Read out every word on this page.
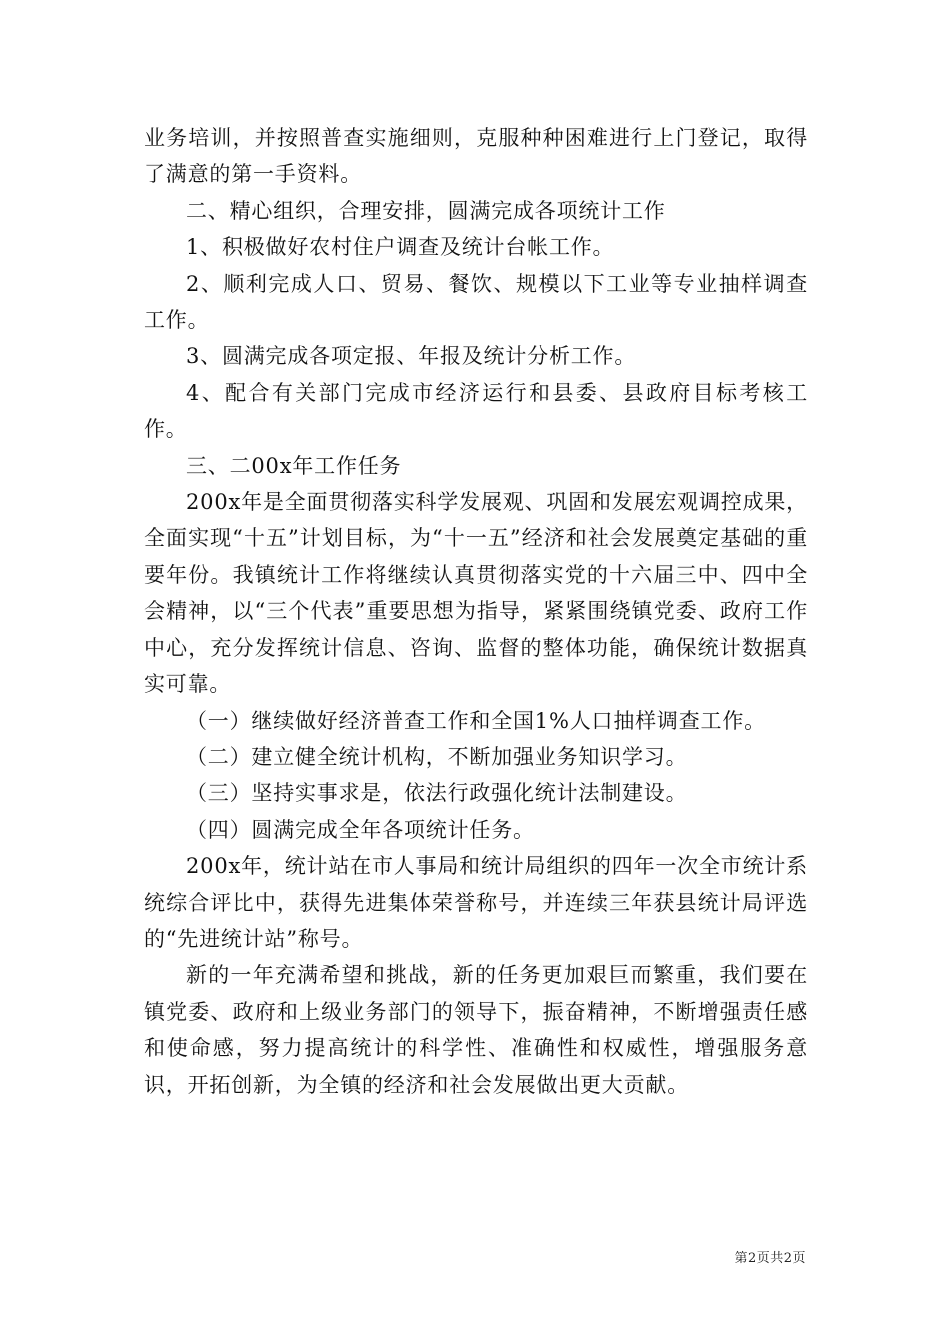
业务培训，并按照普查实施细则，克服种种困难进行上门登记，取得了满意的第一手资料。

二、精心组织，合理安排，圆满完成各项统计工作

1、积极做好农村住户调查及统计台帐工作。

2、顺利完成人口、贸易、餐饮、规模以下工业等专业抽样调查工作。

3、圆满完成各项定报、年报及统计分析工作。

4、配合有关部门完成市经济运行和县委、县政府目标考核工作。

三、二00x年工作任务

200x年是全面贯彻落实科学发展观、巩固和发展宏观调控成果，全面实现“十五”计划目标，为“十一五”经济和社会发展奠定基础的重要年份。我镇统计工作将继续认真贯彻落实党的十六届三中、四中全会精神，以“三个代表”重要思想为指导，紧紧围绕镇党委、政府工作中心，充分发挥统计信息、咨询、监督的整体功能，确保统计数据真实可靠。

（一）继续做好经济普查工作和全国1%人口抽样调查工作。

（二）建立健全统计机构，不断加强业务知识学习。

（三）坚持实事求是，依法行政强化统计法制建设。

（四）圆满完成全年各项统计任务。

200x年，统计站在市人事局和统计局组织的四年一次全市统计系统综合评比中，获得先进集体荣誉称号，并连续三年获县统计局评选的“先进统计站”称号。

新的一年充满希望和挑战，新的任务更加艰巨而繁重，我们要在镇党委、政府和上级业务部门的领导下，振奋精神，不断增强责任感和使命感，努力提高统计的科学性、准确性和权威性，增强服务意识，开拓创新，为全镇的经济和社会发展做出更大贡献。

第2页共2页
